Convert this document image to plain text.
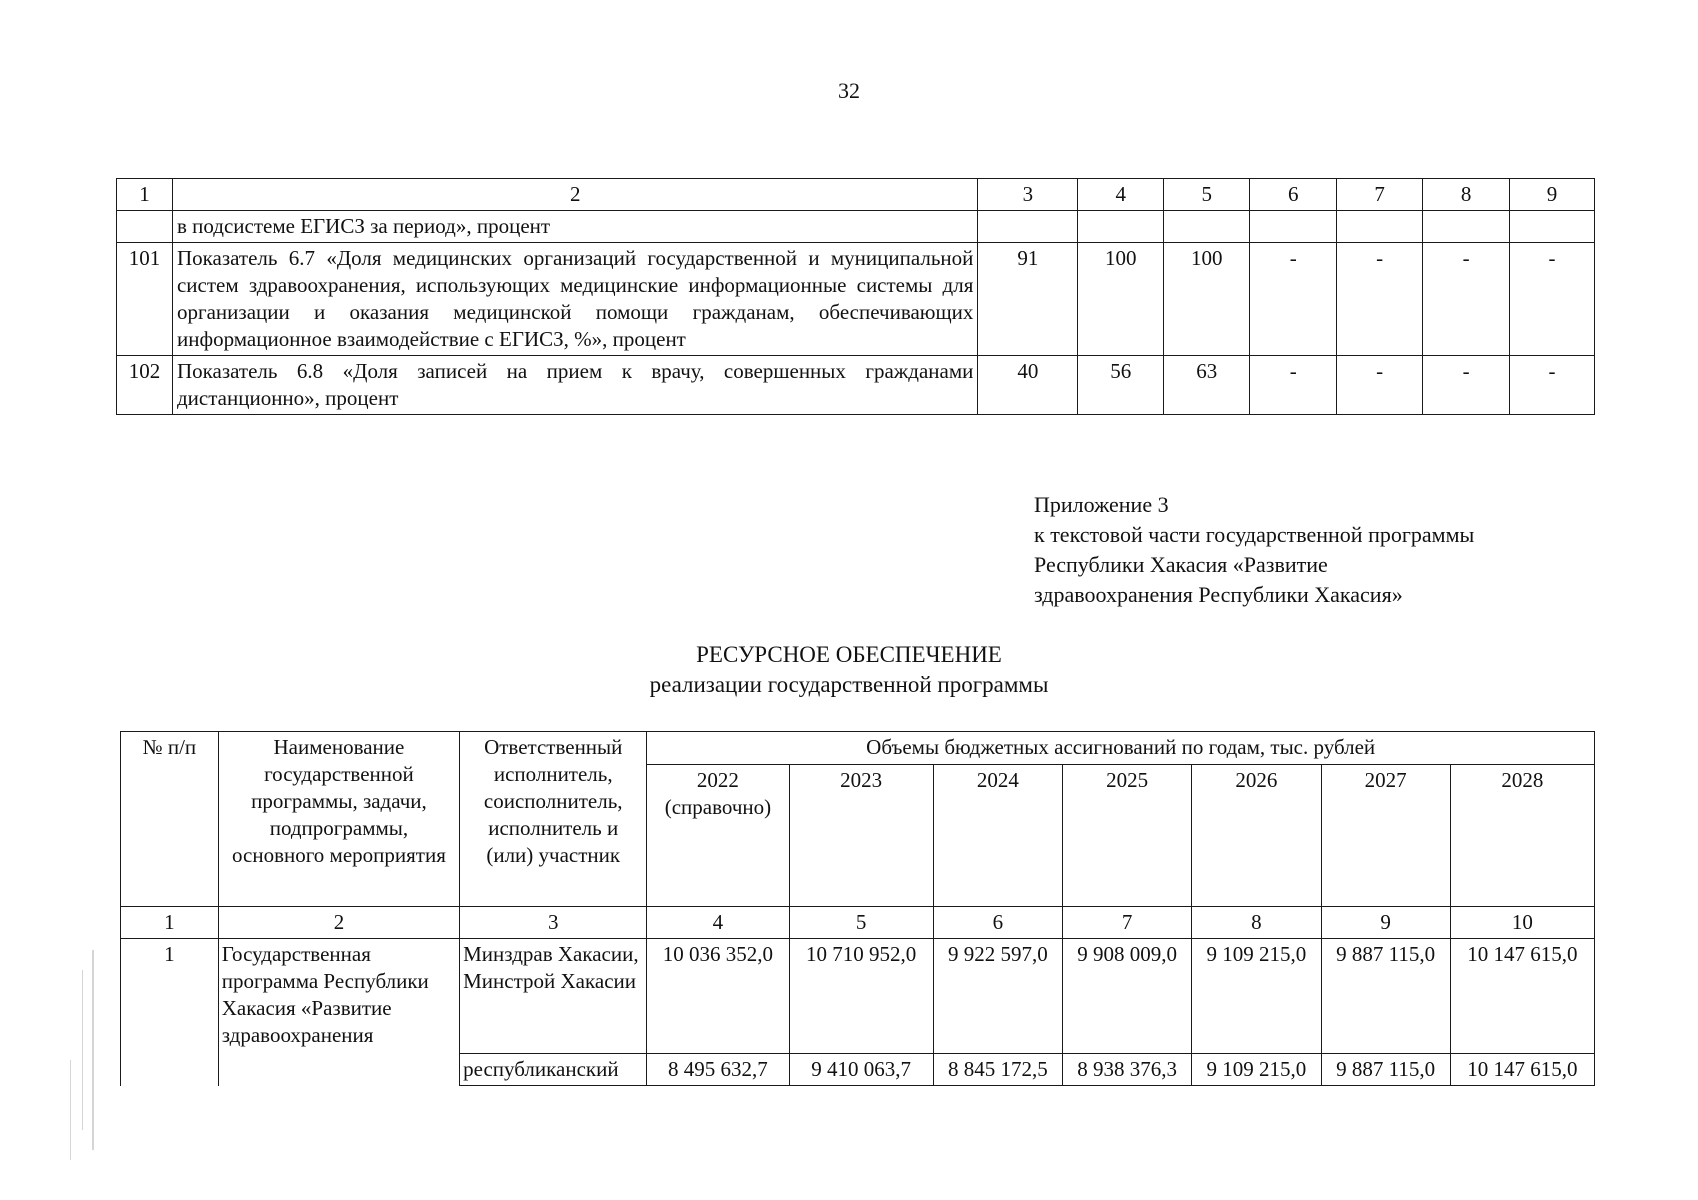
32
1	2	3	4	5	6	7	8	9
	в подсистеме ЕГИСЗ за период», процент							
101	Показатель 6.7 «Доля медицинских организаций государственной и муниципальной систем здравоохранения, использующих медицинские информационные системы для организации и оказания медицинской помощи гражданам, обеспечивающих информационное взаимодействие с ЕГИСЗ, %», процент	91	100	100	-	-	-	-
102	Показатель 6.8 «Доля записей на прием к врачу, совершенных гражданами дистанционно», процент	40	56	63	-	-	-	-
Приложение 3
к текстовой части государственной программы
Республики Хакасия «Развитие
здравоохранения Республики Хакасия»
РЕСУРСНОЕ ОБЕСПЕЧЕНИЕ
реализации государственной программы
№ п/п	Наименование государственной программы, задачи, подпрограммы, основного мероприятия	Ответственный исполнитель, соисполнитель, исполнитель и (или) участник	Объемы бюджетных ассигнований по годам, тыс. рублей						
			2022 (справочно)	2023	2024	2025	2026	2027	2028
1	2	3	4	5	6	7	8	9	10
1	Государственная программа Республики Хакасия «Развитие здравоохранения	Минздрав Хакасии, Минстрой Хакасии	10 036 352,0	10 710 952,0	9 922 597,0	9 908 009,0	9 109 215,0	9 887 115,0	10 147 615,0
		республиканский	8 495 632,7	9 410 063,7	8 845 172,5	8 938 376,3	9 109 215,0	9 887 115,0	10 147 615,0
